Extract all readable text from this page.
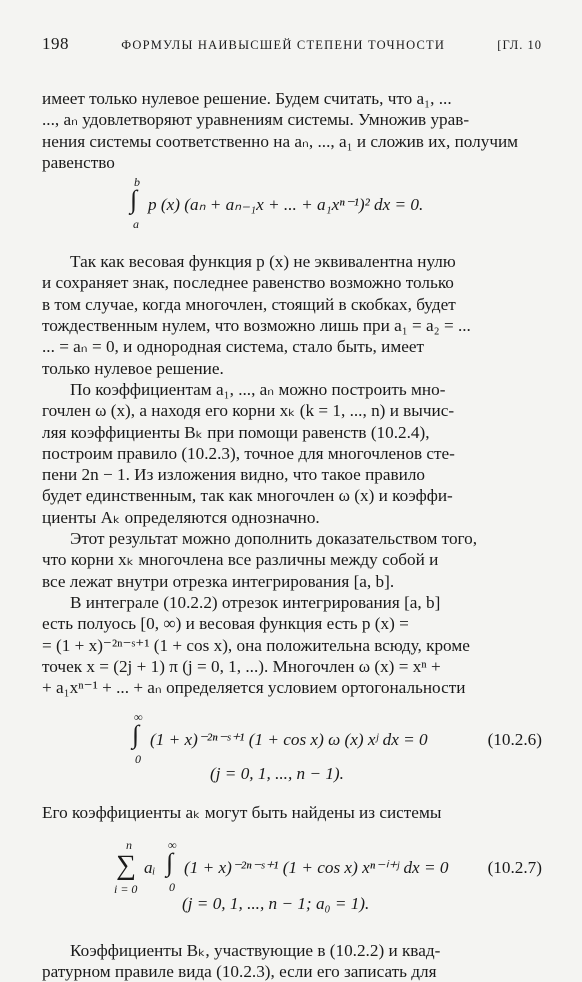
198	ФОРМУЛЫ НАИВЫСШЕЙ СТЕПЕНИ ТОЧНОСТИ	[ГЛ. 10

имеет только нулевое решение. Будем считать, что a₁, ...
..., aₙ удовлетворяют уравнениям системы. Умножив урав-
нения системы соответственно на aₙ, ..., a₁ и сложив их, получим
равенство

b
∫
a
p (x) (aₙ + aₙ₋₁x + ... + a₁xⁿ⁻¹)² dx = 0.

Так как весовая функция p (x) не эквивалентна нулю
и сохраняет знак, последнее равенство возможно только
в том случае, когда многочлен, стоящий в скобках, будет
тождественным нулем, что возможно лишь при a₁ = a₂ = ...
... = aₙ = 0, и однородная система, стало быть, имеет
только нулевое решение.

По коэффициентам a₁, ..., aₙ можно построить мно-
гочлен ω (x), а находя его корни xₖ (k = 1, ..., n) и вычис-
ляя коэффициенты Bₖ при помощи равенств (10.2.4),
построим правило (10.2.3), точное для многочленов сте-
пени 2n − 1. Из изложения видно, что такое правило
будет единственным, так как многочлен ω (x) и коэффи-
циенты Aₖ определяются однозначно.

Этот результат можно дополнить доказательством того,
что корни xₖ многочлена все различны между собой и
все лежат внутри отрезка интегрирования [a, b].

В интеграле (10.2.2) отрезок интегрирования [a, b]
есть полуось [0, ∞) и весовая функция есть p (x) =
= (1 + x)⁻²ⁿ⁻ˢ⁺¹ (1 + cos x), она положительна всюду, кроме
точек x = (2j + 1) π (j = 0, 1, ...). Многочлен ω (x) = xⁿ +
+ a₁xⁿ⁻¹ + ... + aₙ определяется условием ортогональности

∞
∫
0
(1 + x)⁻²ⁿ⁻ˢ⁺¹ (1 + cos x) ω (x) xʲ dx = 0	(10.2.6)
(j = 0, 1, ..., n − 1).

Его коэффициенты aₖ могут быть найдены из системы

n
∑
i = 0
aᵢ
∞
∫
0
(1 + x)⁻²ⁿ⁻ˢ⁺¹ (1 + cos x) xⁿ⁻ⁱ⁺ʲ dx = 0 (10.2.7)
(j = 0, 1, ..., n − 1; a₀ = 1).

Коэффициенты Bₖ, участвующие в (10.2.2) и квад-
ратурном правиле вида (10.2.3), если его записать для
